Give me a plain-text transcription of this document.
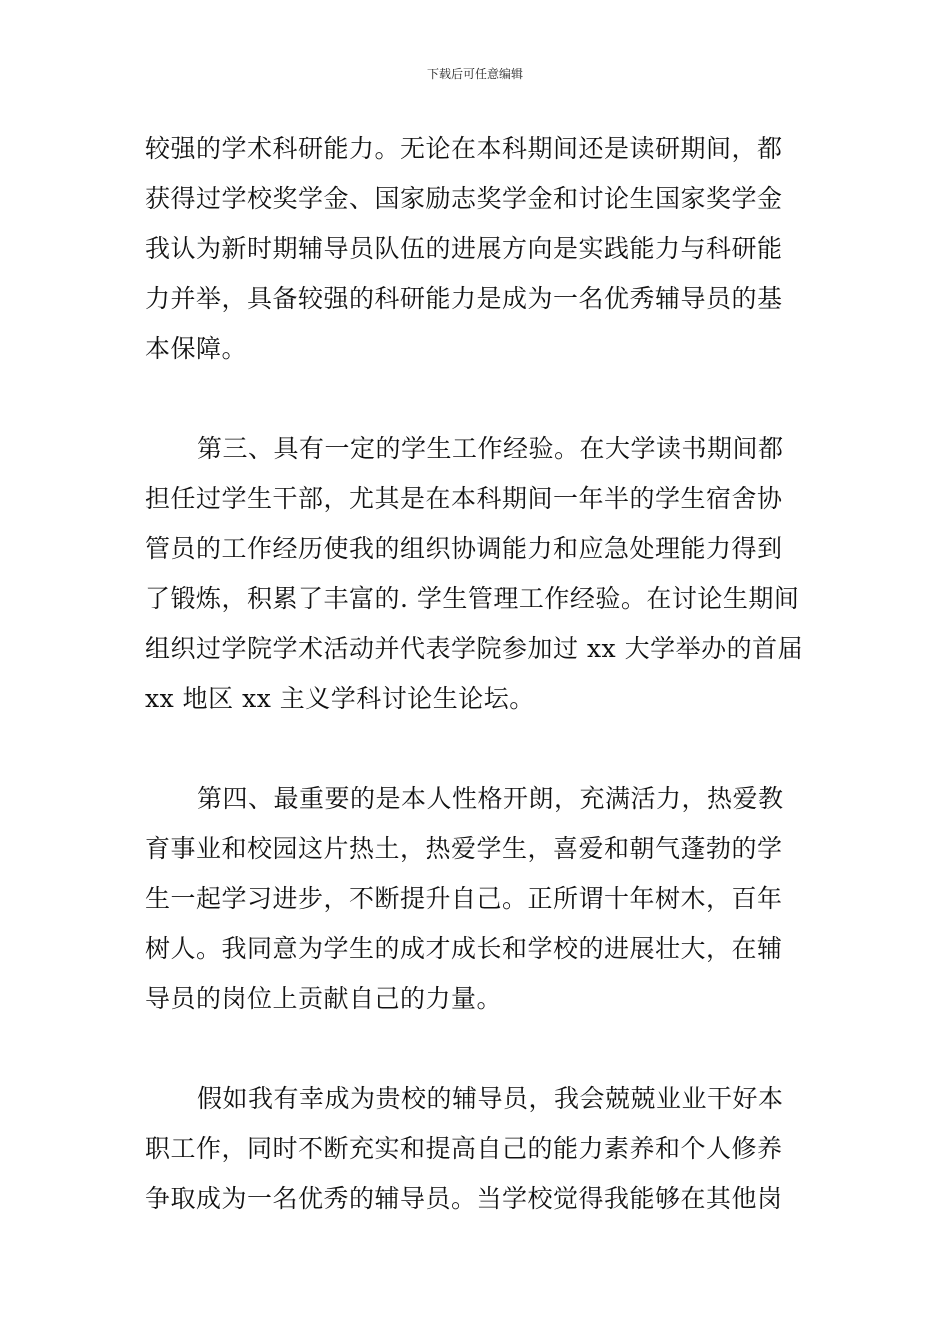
下载后可任意编辑
较强的学术科研能力。无论在本科期间还是读研期间，都
获得过学校奖学金、国家励志奖学金和讨论生国家奖学金
我认为新时期辅导员队伍的进展方向是实践能力与科研能
力并举，具备较强的科研能力是成为一名优秀辅导员的基
本保障。
第三、具有一定的学生工作经验。在大学读书期间都
担任过学生干部，尤其是在本科期间一年半的学生宿舍协
管员的工作经历使我的组织协调能力和应急处理能力得到
了锻炼，积累了丰富的. 学生管理工作经验。在讨论生期间
组织过学院学术活动并代表学院参加过 xx 大学举办的首届
xx 地区 xx 主义学科讨论生论坛。
第四、最重要的是本人性格开朗，充满活力，热爱教
育事业和校园这片热土，热爱学生，喜爱和朝气蓬勃的学
生一起学习进步，不断提升自己。正所谓十年树木，百年
树人。我同意为学生的成才成长和学校的进展壮大，在辅
导员的岗位上贡献自己的力量。
假如我有幸成为贵校的辅导员，我会兢兢业业干好本
职工作，同时不断充实和提高自己的能力素养和个人修养
争取成为一名优秀的辅导员。当学校觉得我能够在其他岗
